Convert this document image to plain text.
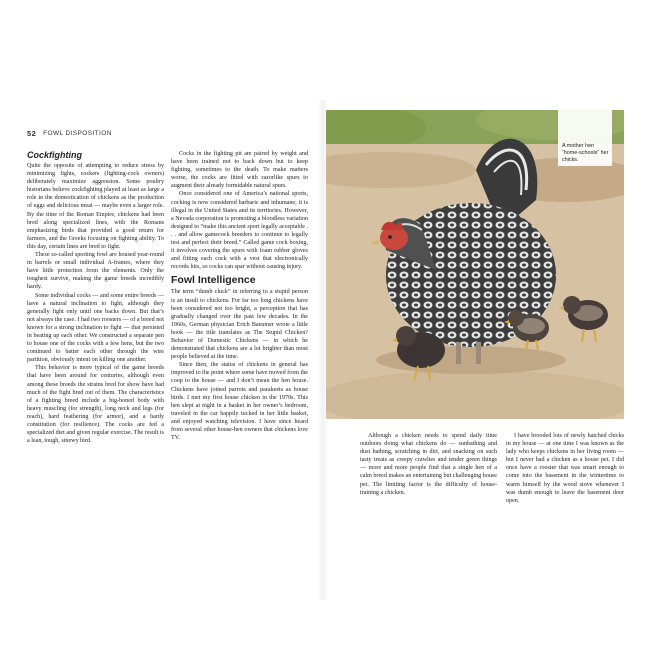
52 FOWL DISPOSITION
Cockfighting

Quite the opposite of attempting to reduce stress by minimizing fights, cockers (fighting-cock owners) deliberately maximize aggression. Some poultry historians believe cockfighting played at least as large a role in the domestication of chickens as the production of eggs and delicious meat — maybe even a larger role. By the time of the Roman Empire, chickens had been bred along specialized lines, with the Romans emphasizing birds that provided a good return for farmers, and the Greeks focusing on fighting ability. To this day, certain lines are bred to fight.

These so-called sporting fowl are housed year-round in barrels or small individual A-frames, where they have little protection from the elements. Only the toughest survive, making the game breeds incredibly hardy.

Some individual cocks — and some entire breeds — have a natural inclination to fight, although they generally fight only until one backs down. But that’s not always the case. I had two roosters — of a breed not known for a strong inclination to fight — that persisted in beating up each other. We constructed a separate pen to house one of the cocks with a few hens, but the two continued to batter each other through the wire partition, obviously intent on killing one another.

This behavior is more typical of the game breeds that have been around for centuries, although even among these breeds the strains bred for show have had much of the fight bred out of them. The characteristics of a fighting breed include a big-boned body with heavy muscling (for strength), long neck and legs (for reach), hard feathering (for armor), and a hardy constitution (for resilience). The cocks are fed a specialized diet and given regular exercise. The result is a lean, tough, sinewy bird.

Cocks in the fighting pit are paired by weight and have been trained not to back down but to keep fighting, sometimes to the death. To make matters worse, the cocks are fitted with razorlike spurs to augment their already formidable natural spurs.

Once considered one of America’s national sports, cocking is now considered barbaric and inhumane; it is illegal in the United States and its territories. However, a Nevada corporation is promoting a bloodless variation designed to “make this ancient sport legally acceptable . . . and allow gamecock breeders to continue to legally test and perfect their breed.” Called game cock boxing, it involves covering the spurs with foam rubber gloves and fitting each cock with a vest that electronically records hits, so cocks can spar without causing injury.

Fowl Intelligence

The term “dumb cluck” in referring to a stupid person is an insult to chickens. For far too long chickens have been considered not too bright, a perception that has gradually changed over the past few decades. In the 1960s, German physician Erich Baeumer wrote a little book — the title translates as The Stupid Chicken? Behavior of Domestic Chickens — in which he demonstrated that chickens are a lot brighter than most people believed at the time.

Since then, the status of chickens in general has improved to the point where some have moved from the coop to the house — and I don’t mean the hen house. Chickens have joined parrots and parakeets as house birds. I met my first house chicken in the 1970s. This hen slept at night in a basket in her owner’s bedroom, traveled in the car happily tucked in her little basket, and enjoyed watching television. I have since heard from several other house-hen owners that chickens love TV.

A mother hen “home-schools” her chicks.

Although a chicken needs to spend daily time outdoors doing what chickens do — sunbathing and dust bathing, scratching in dirt, and snacking on such tasty treats as creepy crawlies and tender green things — more and more people find that a single hen of a calm breed makes an entertaining but challenging house pet. The limiting factor is the difficulty of house-training a chicken.

I have brooded lots of newly hatched chicks in my house — at one time I was known as the lady who keeps chickens in her living room — but I never had a chicken as a house pet. I did once have a rooster that was smart enough to come into the basement in the wintertime to warm himself by the wood stove whenever I was dumb enough to leave the basement door open.
